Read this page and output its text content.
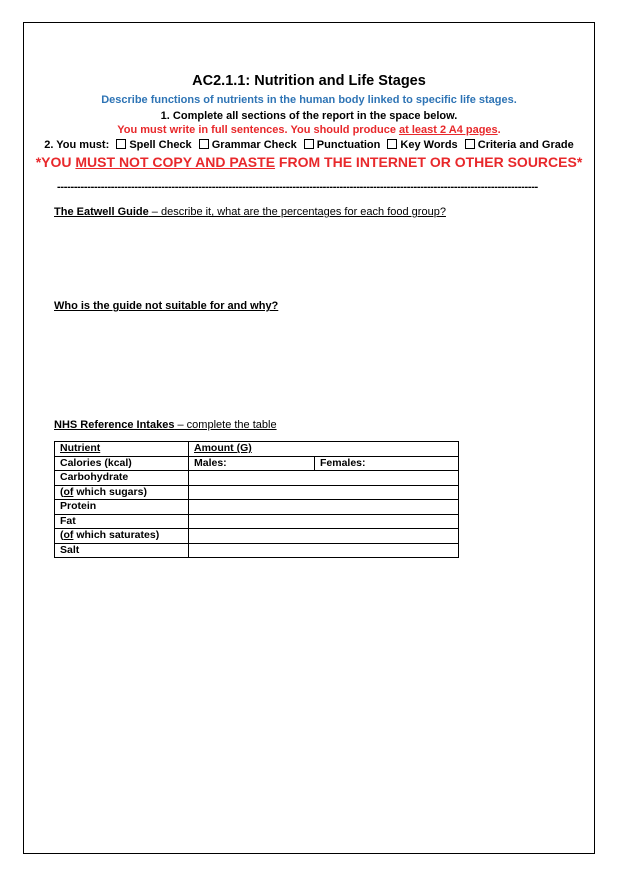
AC2.1.1: Nutrition and Life Stages
Describe functions of nutrients in the human body linked to specific life stages.
1. Complete all sections of the report in the space below.
You must write in full sentences. You should produce at least 2 A4 pages.
2. You must: Spell Check Grammar Check Punctuation Key Words Criteria and Grade
*YOU MUST NOT COPY AND PASTE FROM THE INTERNET OR OTHER SOURCES*
-----------------------------------------------------------------------------------------------------------------------------------------------
The Eatwell Guide – describe it, what are the percentages for each food group?
Who is the guide not suitable for and why?
NHS Reference Intakes – complete the table
Nutrient	Amount (G)	
Calories (kcal)	Males:	Females:
Carbohydrate		
(of which sugars)		
Protein		
Fat		
(of which saturates)		
Salt		
